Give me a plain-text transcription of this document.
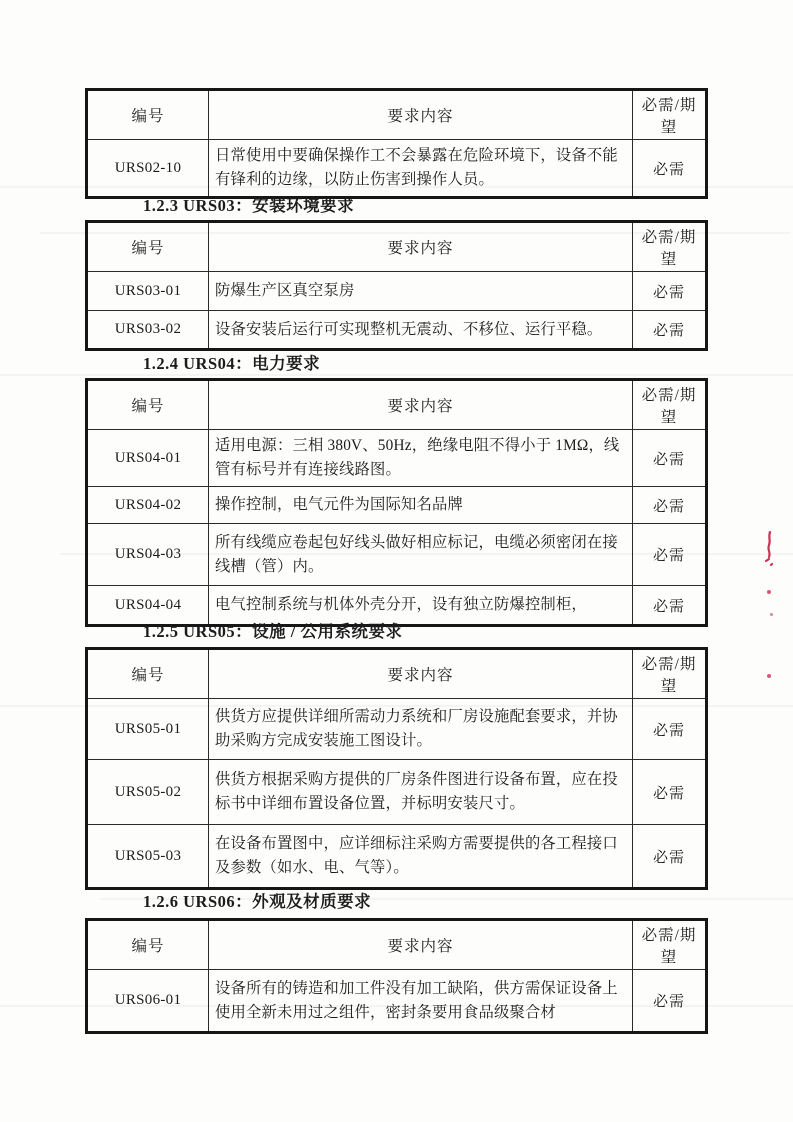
编号	要求内容	必需/期望
URS02-10	日常使用中要确保操作工不会暴露在危险环境下，设备不能有锋利的边缘，以防止伤害到操作人员。	必需
1.2.3 URS03：安装环境要求
编号	要求内容	必需/期望
URS03-01	防爆生产区真空泵房	必需
URS03-02	设备安装后运行可实现整机无震动、不移位、运行平稳。	必需
1.2.4 URS04：电力要求
编号	要求内容	必需/期望
URS04-01	适用电源：三相 380V、50Hz，绝缘电阻不得小于 1MΩ，线管有标号并有连接线路图。	必需
URS04-02	操作控制，电气元件为国际知名品牌	必需
URS04-03	所有线缆应卷起包好线头做好相应标记，电缆必须密闭在接线槽（管）内。	必需
URS04-04	电气控制系统与机体外壳分开，设有独立防爆控制柜，	必需
1.2.5 URS05：设施 / 公用系统要求
编号	要求内容	必需/期望
URS05-01	供货方应提供详细所需动力系统和厂房设施配套要求，并协助采购方完成安装施工图设计。	必需
URS05-02	供货方根据采购方提供的厂房条件图进行设备布置，应在投标书中详细布置设备位置，并标明安装尺寸。	必需
URS05-03	在设备布置图中，应详细标注采购方需要提供的各工程接口及参数（如水、电、气等）。	必需
1.2.6 URS06：外观及材质要求
编号	要求内容	必需/期望
URS06-01	设备所有的铸造和加工件没有加工缺陷，供方需保证设备上使用全新未用过之组件，密封条要用食品级聚合材	必需
